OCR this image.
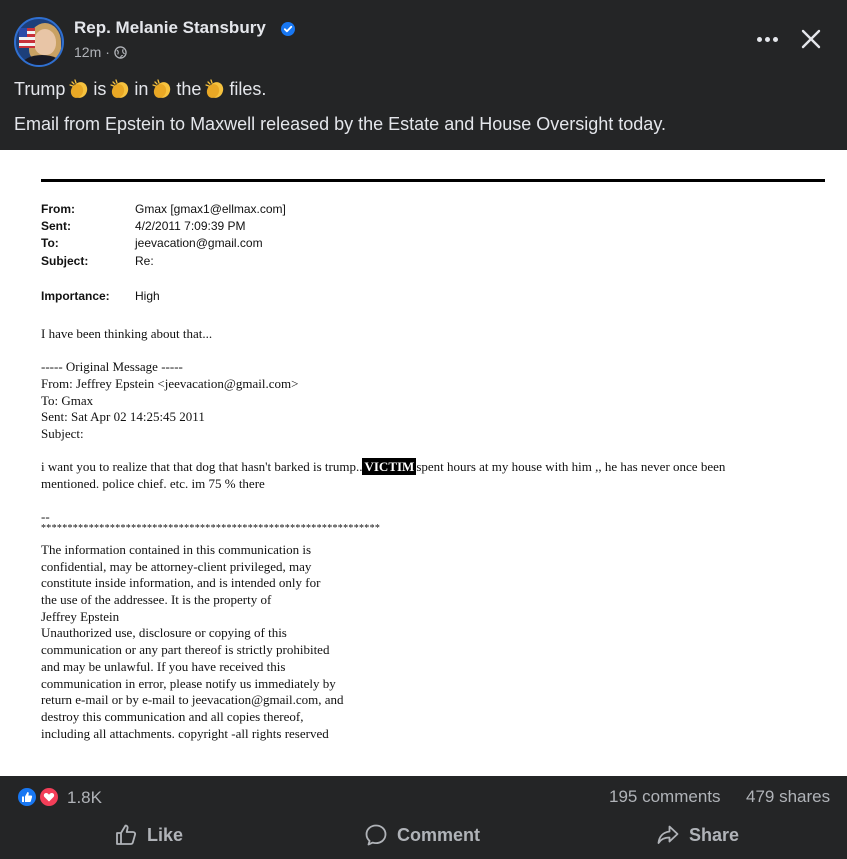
Rep. Melanie Stansbury
12m ·
Trump is in the files.
Email from Epstein to Maxwell released by the Estate and House Oversight today.
From:	Gmax [gmax1@ellmax.com]
Sent:	4/2/2011 7:09:39 PM
To:	jeevacation@gmail.com
Subject:	Re:
Importance: High
I have been thinking about that...
----- Original Message -----
From: Jeffrey Epstein <jeevacation@gmail.com>
To: Gmax
Sent: Sat Apr 02 14:25:45 2011
Subject:
i want you to realize that that dog that hasn't barked is trump.. VICTIM spent hours at my house with him ,, he has never once been
mentioned. police chief. etc. im 75 % there
--
****************************************************************
The information contained in this communication is
confidential, may be attorney-client privileged, may
constitute inside information, and is intended only for
the use of the addressee. It is the property of
Jeffrey Epstein
Unauthorized use, disclosure or copying of this
communication or any part thereof is strictly prohibited
and may be unlawful. If you have received this
communication in error, please notify us immediately by
return e-mail or by e-mail to jeevacation@gmail.com, and
destroy this communication and all copies thereof,
including all attachments. copyright -all rights reserved
1.8K	195 comments 479 shares
Like	Comment	Share
